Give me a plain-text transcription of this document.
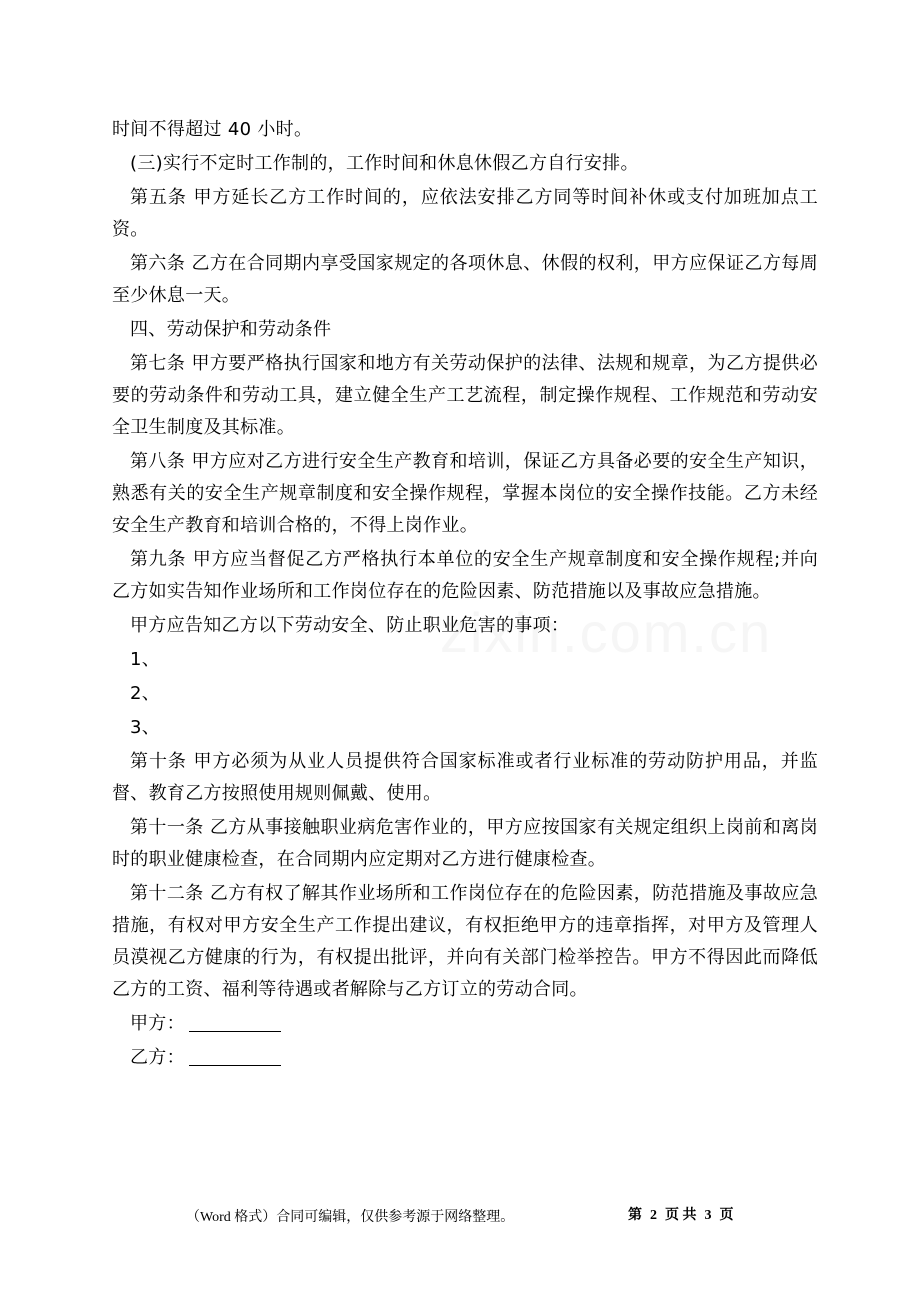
zixin.com.cn

时间不得超过 40 小时。

(三)实行不定时工作制的，工作时间和休息休假乙方自行安排。

第五条 甲方延长乙方工作时间的，应依法安排乙方同等时间补休或支付加班加点工资。

第六条 乙方在合同期内享受国家规定的各项休息、休假的权利，甲方应保证乙方每周至少休息一天。

四、劳动保护和劳动条件

第七条 甲方要严格执行国家和地方有关劳动保护的法律、法规和规章，为乙方提供必要的劳动条件和劳动工具，建立健全生产工艺流程，制定操作规程、工作规范和劳动安全卫生制度及其标准。

第八条 甲方应对乙方进行安全生产教育和培训，保证乙方具备必要的安全生产知识，熟悉有关的安全生产规章制度和安全操作规程，掌握本岗位的安全操作技能。乙方未经安全生产教育和培训合格的，不得上岗作业。

第九条 甲方应当督促乙方严格执行本单位的安全生产规章制度和安全操作规程;并向乙方如实告知作业场所和工作岗位存在的危险因素、防范措施以及事故应急措施。

甲方应告知乙方以下劳动安全、防止职业危害的事项：

1、

2、

3、

第十条 甲方必须为从业人员提供符合国家标准或者行业标准的劳动防护用品，并监督、教育乙方按照使用规则佩戴、使用。

第十一条 乙方从事接触职业病危害作业的，甲方应按国家有关规定组织上岗前和离岗时的职业健康检查，在合同期内应定期对乙方进行健康检查。

第十二条 乙方有权了解其作业场所和工作岗位存在的危险因素，防范措施及事故应急措施，有权对甲方安全生产工作提出建议，有权拒绝甲方的违章指挥，对甲方及管理人员漠视乙方健康的行为，有权提出批评，并向有关部门检举控告。甲方不得因此而降低乙方的工资、福利等待遇或者解除与乙方订立的劳动合同。

甲方：

乙方：

（Word 格式）合同可编辑，仅供参考源于网络整理。	第 2 页 共 3 页
